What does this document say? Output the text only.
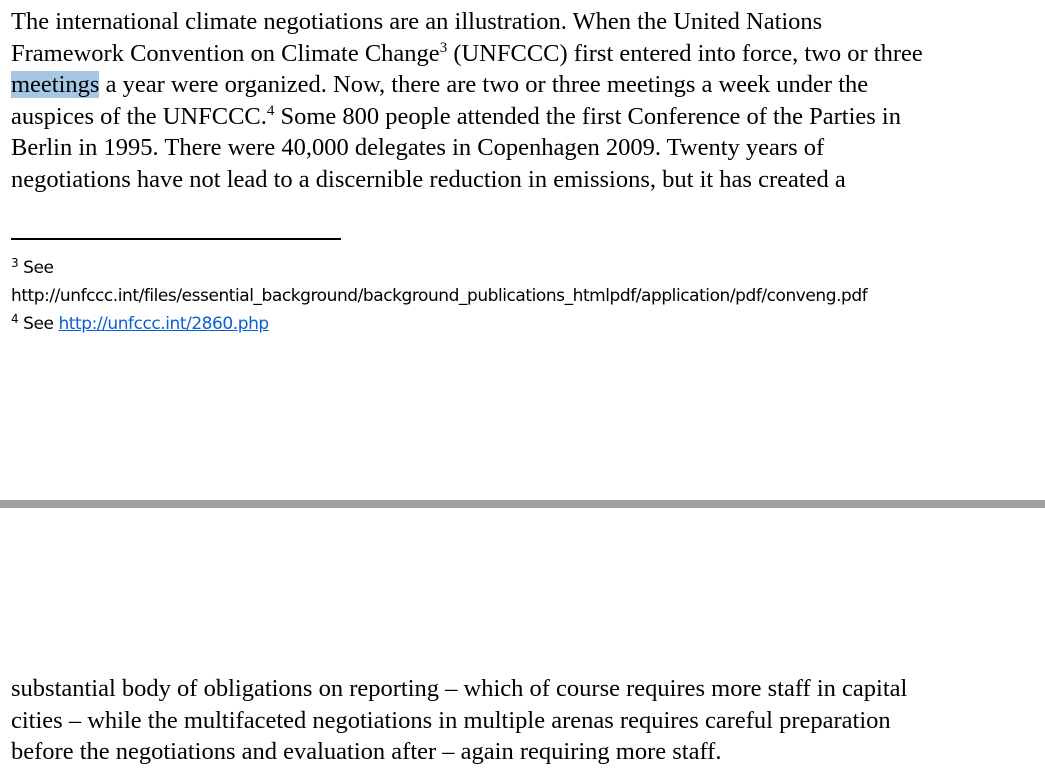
The international climate negotiations are an illustration. When the United Nations
Framework Convention on Climate Change$^3$ (UNFCCC) first entered into force, two or three
meetings a year were organized. Now, there are two or three meetings a week under the
auspices of the UNFCCC.$^4$ Some 800 people attended the first Conference of the Parties in
Berlin in 1995. There were 40,000 delegates in Copenhagen 2009. Twenty years of
negotiations have not lead to a discernible reduction in emissions, but it has created a
$^3$ See
http://unfccc.int/files/essential_background/background_publications_htmlpdf/application/pdf/conveng.pdf
$^4$ See http://unfccc.int/2860.php
substantial body of obligations on reporting – which of course requires more staff in capital
cities – while the multifaceted negotiations in multiple arenas requires careful preparation
before the negotiations and evaluation after – again requiring more staff.
